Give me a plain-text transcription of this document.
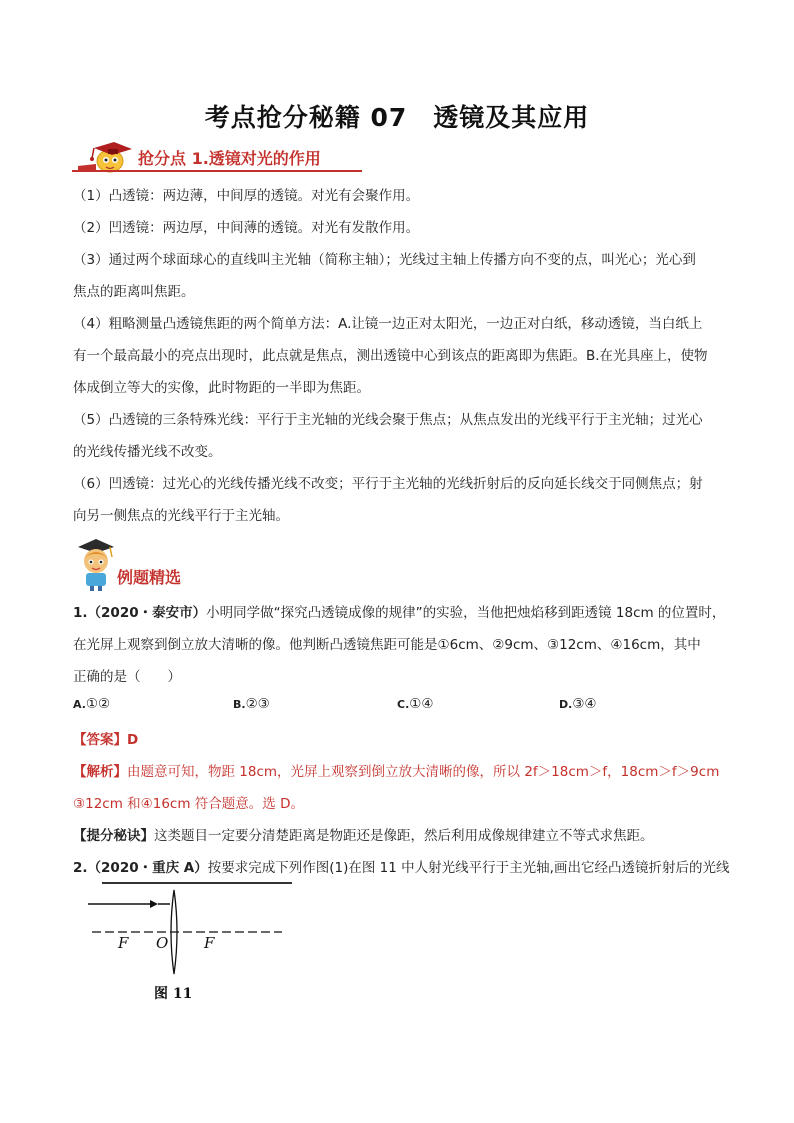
考点抢分秘籍 07　透镜及其应用
抢分点 1.透镜对光的作用
（1）凸透镜：两边薄，中间厚的透镜。对光有会聚作用。
（2）凹透镜：两边厚，中间薄的透镜。对光有发散作用。
（3）通过两个球面球心的直线叫主光轴（简称主轴）；光线过主轴上传播方向不变的点，叫光心；光心到
焦点的距离叫焦距。
（4）粗略测量凸透镜焦距的两个简单方法：A.让镜一边正对太阳光，一边正对白纸，移动透镜，当白纸上
有一个最高最小的亮点出现时，此点就是焦点，测出透镜中心到该点的距离即为焦距。B.在光具座上，使物
体成倒立等大的实像，此时物距的一半即为焦距。
（5）凸透镜的三条特殊光线：平行于主光轴的光线会聚于焦点；从焦点发出的光线平行于主光轴；过光心
的光线传播光线不改变。
（6）凹透镜：过光心的光线传播光线不改变；平行于主光轴的光线折射后的反向延长线交于同侧焦点；射
向另一侧焦点的光线平行于主光轴。
例题精选
1.（2020・泰安市）小明同学做“探究凸透镜成像的规律”的实验，当他把烛焰移到距透镜 18cm 的位置时，
在光屏上观察到倒立放大清晰的像。他判断凸透镜焦距可能是①6cm、②9cm、③12cm、④16cm，其中
正确的是（　　）
A.①②	B.②③	C.①④	D.③④
【答案】D
【解析】由题意可知，物距 18cm，光屏上观察到倒立放大清晰的像，所以 2f＞18cm＞f，18cm＞f＞9cm
③12cm 和④16cm 符合题意。选 D。
【提分秘诀】这类题目一定要分清楚距离是物距还是像距，然后利用成像规律建立不等式求焦距。
2.（2020・重庆 A）按要求完成下列作图(1)在图 11 中人射光线平行于主光轴,画出它经凸透镜折射后的光线
F O F
图 11
